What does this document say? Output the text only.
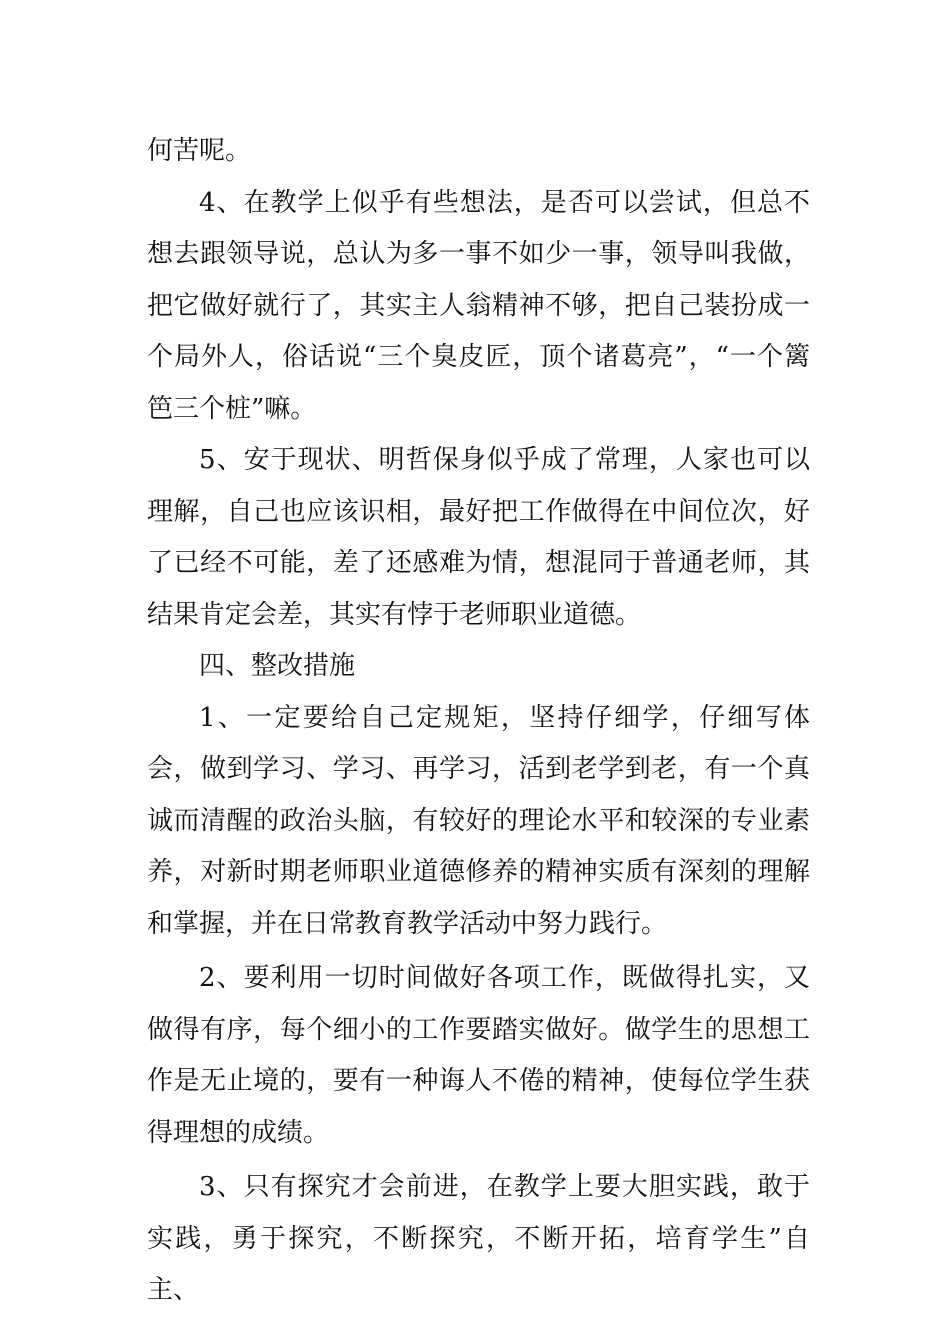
何苦呢。

4、在教学上似乎有些想法，是否可以尝试，但总不想去跟领导说，总认为多一事不如少一事，领导叫我做，把它做好就行了，其实主人翁精神不够，把自己装扮成一个局外人，俗话说“三个臭皮匠，顶个诸葛亮”，“一个篱笆三个桩”嘛。

5、安于现状、明哲保身似乎成了常理，人家也可以理解，自己也应该识相，最好把工作做得在中间位次，好了已经不可能，差了还感难为情，想混同于普通老师，其结果肯定会差，其实有悖于老师职业道德。

四、整改措施

1、一定要给自己定规矩，坚持仔细学，仔细写体会，做到学习、学习、再学习，活到老学到老，有一个真诚而清醒的政治头脑，有较好的理论水平和较深的专业素养，对新时期老师职业道德修养的精神实质有深刻的理解和掌握，并在日常教育教学活动中努力践行。

2、要利用一切时间做好各项工作，既做得扎实，又做得有序，每个细小的工作要踏实做好。做学生的思想工作是无止境的，要有一种诲人不倦的精神，使每位学生获得理想的成绩。

3、只有探究才会前进，在教学上要大胆实践，敢于实践，勇于探究，不断探究，不断开拓，培育学生”自主、
